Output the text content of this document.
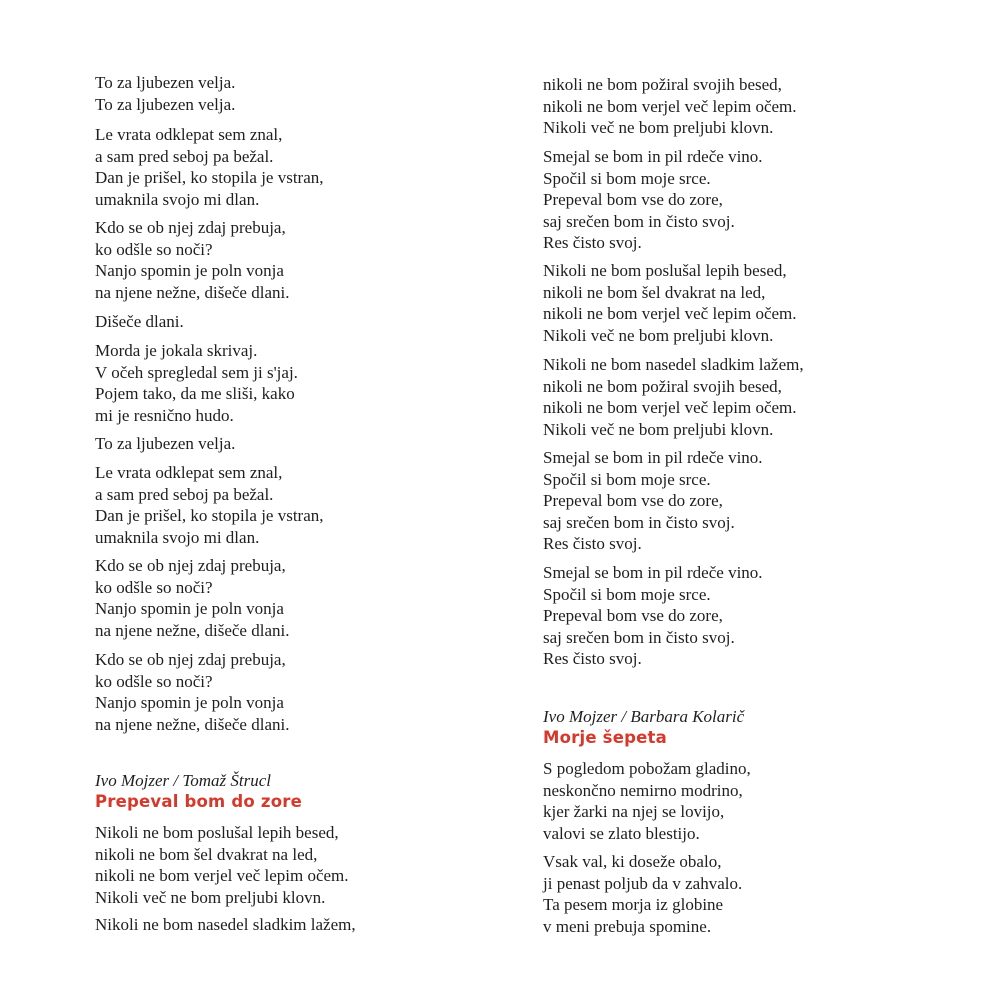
To za ljubezen velja.
To za ljubezen velja.
Le vrata odklepat sem znal,
a sam pred seboj pa bežal.
Dan je prišel, ko stopila je vstran,
umaknila svojo mi dlan.
Kdo se ob njej zdaj prebuja,
ko odšle so noči?
Nanjo spomin je poln vonja
na njene nežne, dišeče dlani.
Dišeče dlani.
Morda je jokala skrivaj.
V očeh spregledal sem ji s'jaj.
Pojem tako, da me sliši, kako
mi je resnično hudo.
To za ljubezen velja.
Le vrata odklepat sem znal,
a sam pred seboj pa bežal.
Dan je prišel, ko stopila je vstran,
umaknila svojo mi dlan.
Kdo se ob njej zdaj prebuja,
ko odšle so noči?
Nanjo spomin je poln vonja
na njene nežne, dišeče dlani.
Kdo se ob njej zdaj prebuja,
ko odšle so noči?
Nanjo spomin je poln vonja
na njene nežne, dišeče dlani.
Ivo Mojzer / Tomaž Štrucl
Prepeval bom do zore
Nikoli ne bom poslušal lepih besed,
nikoli ne bom šel dvakrat na led,
nikoli ne bom verjel več lepim očem.
Nikoli več ne bom preljubi klovn.
Nikoli ne bom nasedel sladkim lažem,
nikoli ne bom požiral svojih besed,
nikoli ne bom verjel več lepim očem.
Nikoli več ne bom preljubi klovn.
Smejal se bom in pil rdeče vino.
Spočil si bom moje srce.
Prepeval bom vse do zore,
saj srečen bom in čisto svoj.
Res čisto svoj.
Nikoli ne bom poslušal lepih besed,
nikoli ne bom šel dvakrat na led,
nikoli ne bom verjel več lepim očem.
Nikoli več ne bom preljubi klovn.
Nikoli ne bom nasedel sladkim lažem,
nikoli ne bom požiral svojih besed,
nikoli ne bom verjel več lepim očem.
Nikoli več ne bom preljubi klovn.
Smejal se bom in pil rdeče vino.
Spočil si bom moje srce.
Prepeval bom vse do zore,
saj srečen bom in čisto svoj.
Res čisto svoj.
Smejal se bom in pil rdeče vino.
Spočil si bom moje srce.
Prepeval bom vse do zore,
saj srečen bom in čisto svoj.
Res čisto svoj.
Ivo Mojzer / Barbara Kolarič
Morje šepeta
S pogledom pobožam gladino,
neskončno nemirno modrino,
kjer žarki na njej se lovijo,
valovi se zlato blestijo.
Vsak val, ki doseže obalo,
ji penast poljub da v zahvalo.
Ta pesem morja iz globine
v meni prebuja spomine.
